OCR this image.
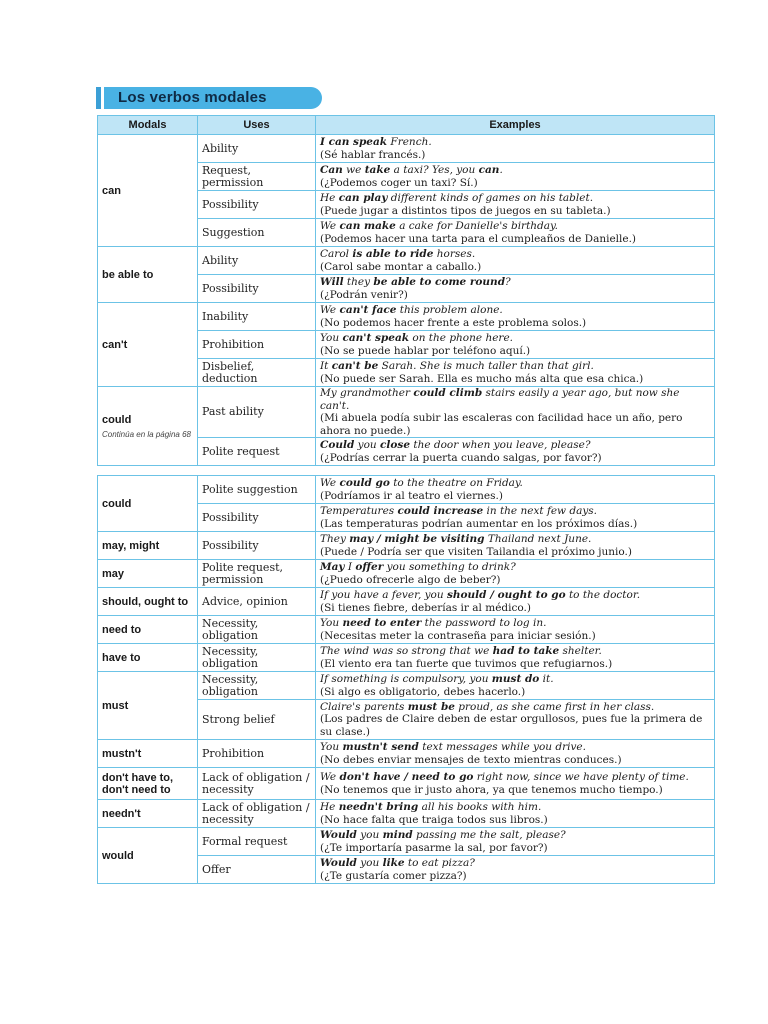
Los verbos modales
Modals	Uses	Examples
can	Ability	I can speak French.
(Sé hablar francés.)

	Request, permission	Can we take a taxi? Yes, you can.
(¿Podemos coger un taxi? Sí.)

	Possibility	He can play different kinds of games on his tablet.
(Puede jugar a distintos tipos de juegos en su tableta.)

	Suggestion	We can make a cake for Danielle's birthday.
(Podemos hacer una tarta para el cumpleaños de Danielle.)

be able to	Ability	Carol is able to ride horses.
(Carol sabe montar a caballo.)

	Possibility	Will they be able to come round?
(¿Podrán venir?)

can't	Inability	We can't face this problem alone.
(No podemos hacer frente a este problema solos.)

	Prohibition	You can't speak on the phone here.
(No se puede hablar por teléfono aquí.)

	Disbelief, deduction	It can't be Sarah. She is much taller than that girl.
(No puede ser Sarah. Ella es mucho más alta que esa chica.)

could
Continúa en la página 68	Past ability	My grandmother could climb stairs easily a year ago, but now she can't.
(Mi abuela podía subir las escaleras con facilidad hace un año, pero ahora no puede.)

	Polite request	Could you close the door when you leave, please?
(¿Podrías cerrar la puerta cuando salgas, por favor?)
could	Polite suggestion	We could go to the theatre on Friday.
(Podríamos ir al teatro el viernes.)

	Possibility	Temperatures could increase in the next few days.
(Las temperaturas podrían aumentar en los próximos días.)

may, might	Possibility	They may / might be visiting Thailand next June.
(Puede / Podría ser que visiten Tailandia el próximo junio.)

may	Polite request, permission	May I offer you something to drink?
(¿Puedo ofrecerle algo de beber?)

should, ought to	Advice, opinion	If you have a fever, you should / ought to go to the doctor.
(Si tienes fiebre, deberías ir al médico.)

need to	Necessity, obligation	You need to enter the password to log in.
(Necesitas meter la contraseña para iniciar sesión.)

have to	Necessity, obligation	The wind was so strong that we had to take shelter.
(El viento era tan fuerte que tuvimos que refugiarnos.)

must	Necessity, obligation	If something is compulsory, you must do it.
(Si algo es obligatorio, debes hacerlo.)

	Strong belief	Claire's parents must be proud, as she came first in her class.
(Los padres de Claire deben de estar orgullosos, pues fue la primera de su clase.)

mustn't	Prohibition	You mustn't send text messages while you drive.
(No debes enviar mensajes de texto mientras conduces.)

don't have to, don't need to	Lack of obligation / necessity	We don't have / need to go right now, since we have plenty of time.
(No tenemos que ir justo ahora, ya que tenemos mucho tiempo.)

needn't	Lack of obligation / necessity	He needn't bring all his books with him.
(No hace falta que traiga todos sus libros.)

would	Formal request	Would you mind passing me the salt, please?
(¿Te importaría pasarme la sal, por favor?)

	Offer	Would you like to eat pizza?
(¿Te gustaría comer pizza?)
